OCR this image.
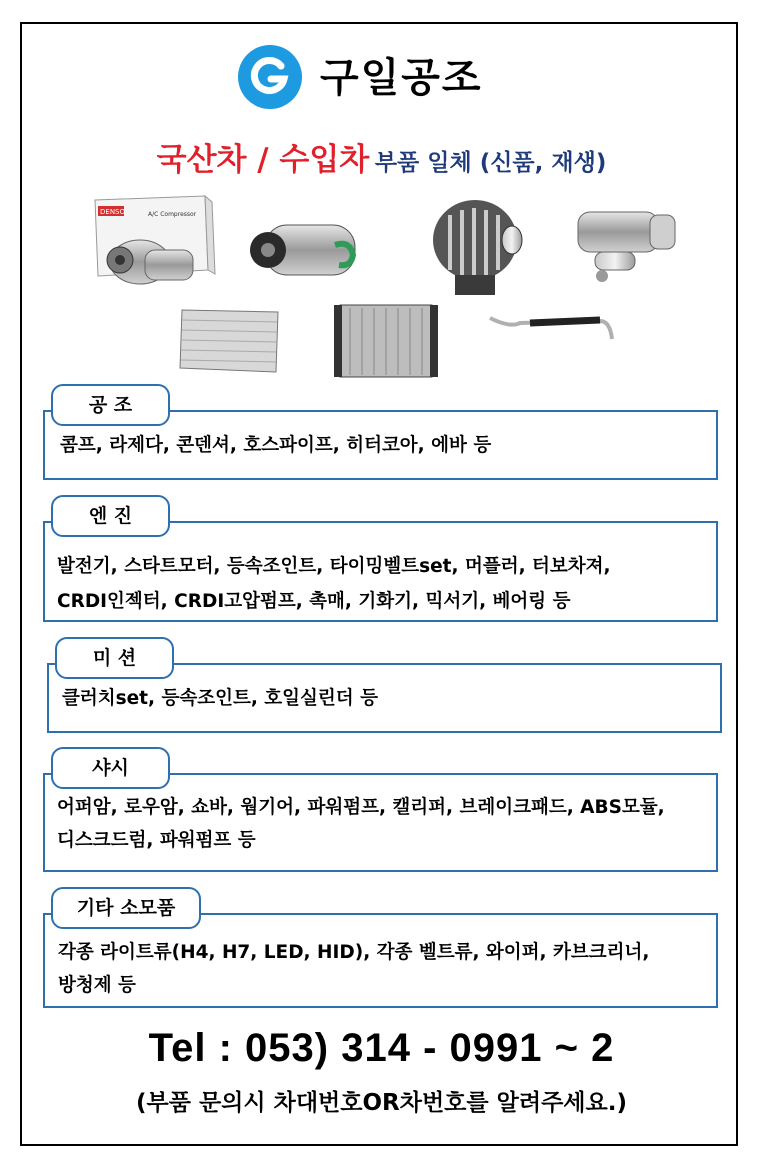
구일공조
국산차 / 수입차 부품 일체 (신품, 재생)
DENSO	A/C Compressor
공 조
콤프, 라제다, 콘덴셔, 호스파이프, 히터코아, 에바 등
엔 진
발전기, 스타트모터, 등속조인트, 타이밍벨트set, 머플러, 터보차져,
CRDI인젝터, CRDI고압펌프, 촉매, 기화기, 믹서기, 베어링 등
미 션
클러치set, 등속조인트, 호일실린더 등
샤시
어퍼암, 로우암, 쇼바, 웜기어, 파워펌프, 캘리퍼, 브레이크패드, ABS모듈,
디스크드럼, 파워펌프 등
기타 소모품
각종 라이트류(H4, H7, LED, HID), 각종 벨트류, 와이퍼, 카브크리너,
방청제 등
Tel : 053) 314 - 0991 ~ 2
(부품 문의시 차대번호OR차번호를 알려주세요.)
